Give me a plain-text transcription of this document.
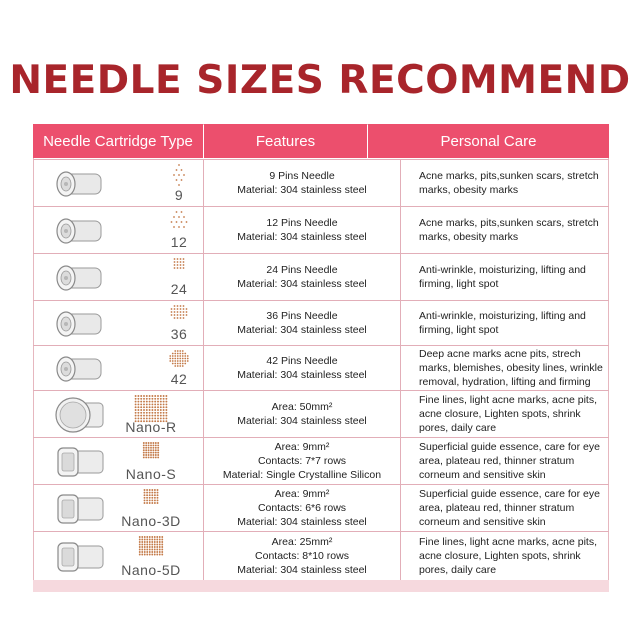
NEEDLE SIZES RECOMMEND
Needle Cartridge Type	Features	Personal Care
9
9 Pins Needle
Material: 304 stainless steel
Acne marks, pits,sunken scars, stretch marks, obesity marks
12
12 Pins Needle
Material: 304 stainless steel
Acne marks, pits,sunken scars, stretch marks, obesity marks
24
24 Pins Needle
Material: 304 stainless steel
Anti-wrinkle, moisturizing, lifting and firming, light spot
36
36 Pins Needle
Material: 304 stainless steel
Anti-wrinkle, moisturizing, lifting and firming, light spot
42
42 Pins Needle
Material: 304 stainless steel
Deep acne marks acne pits, strech marks, blemishes, obesity lines, wrinkle removal, hydration, lifting and firming
Nano-R
Area: 50mm²
Material: 304 stainless steel
Fine lines, light acne marks, acne pits, acne closure, Lighten spots, shrink pores, daily care
Nano-S
Area: 9mm²
Contacts: 7*7 rows
Material: Single Crystalline Silicon
Superficial guide essence, care for eye area, plateau red, thinner stratum corneum and sensitive skin
Nano-3D
Area: 9mm²
Contacts: 6*6 rows
Material: 304 stainless steel
Superficial guide essence, care for eye area, plateau red, thinner stratum corneum and sensitive skin
Nano-5D
Area: 25mm²
Contacts: 8*10 rows
Material: 304 stainless steel
Fine lines, light acne marks, acne pits, acne closure, Lighten spots, shrink pores, daily care
